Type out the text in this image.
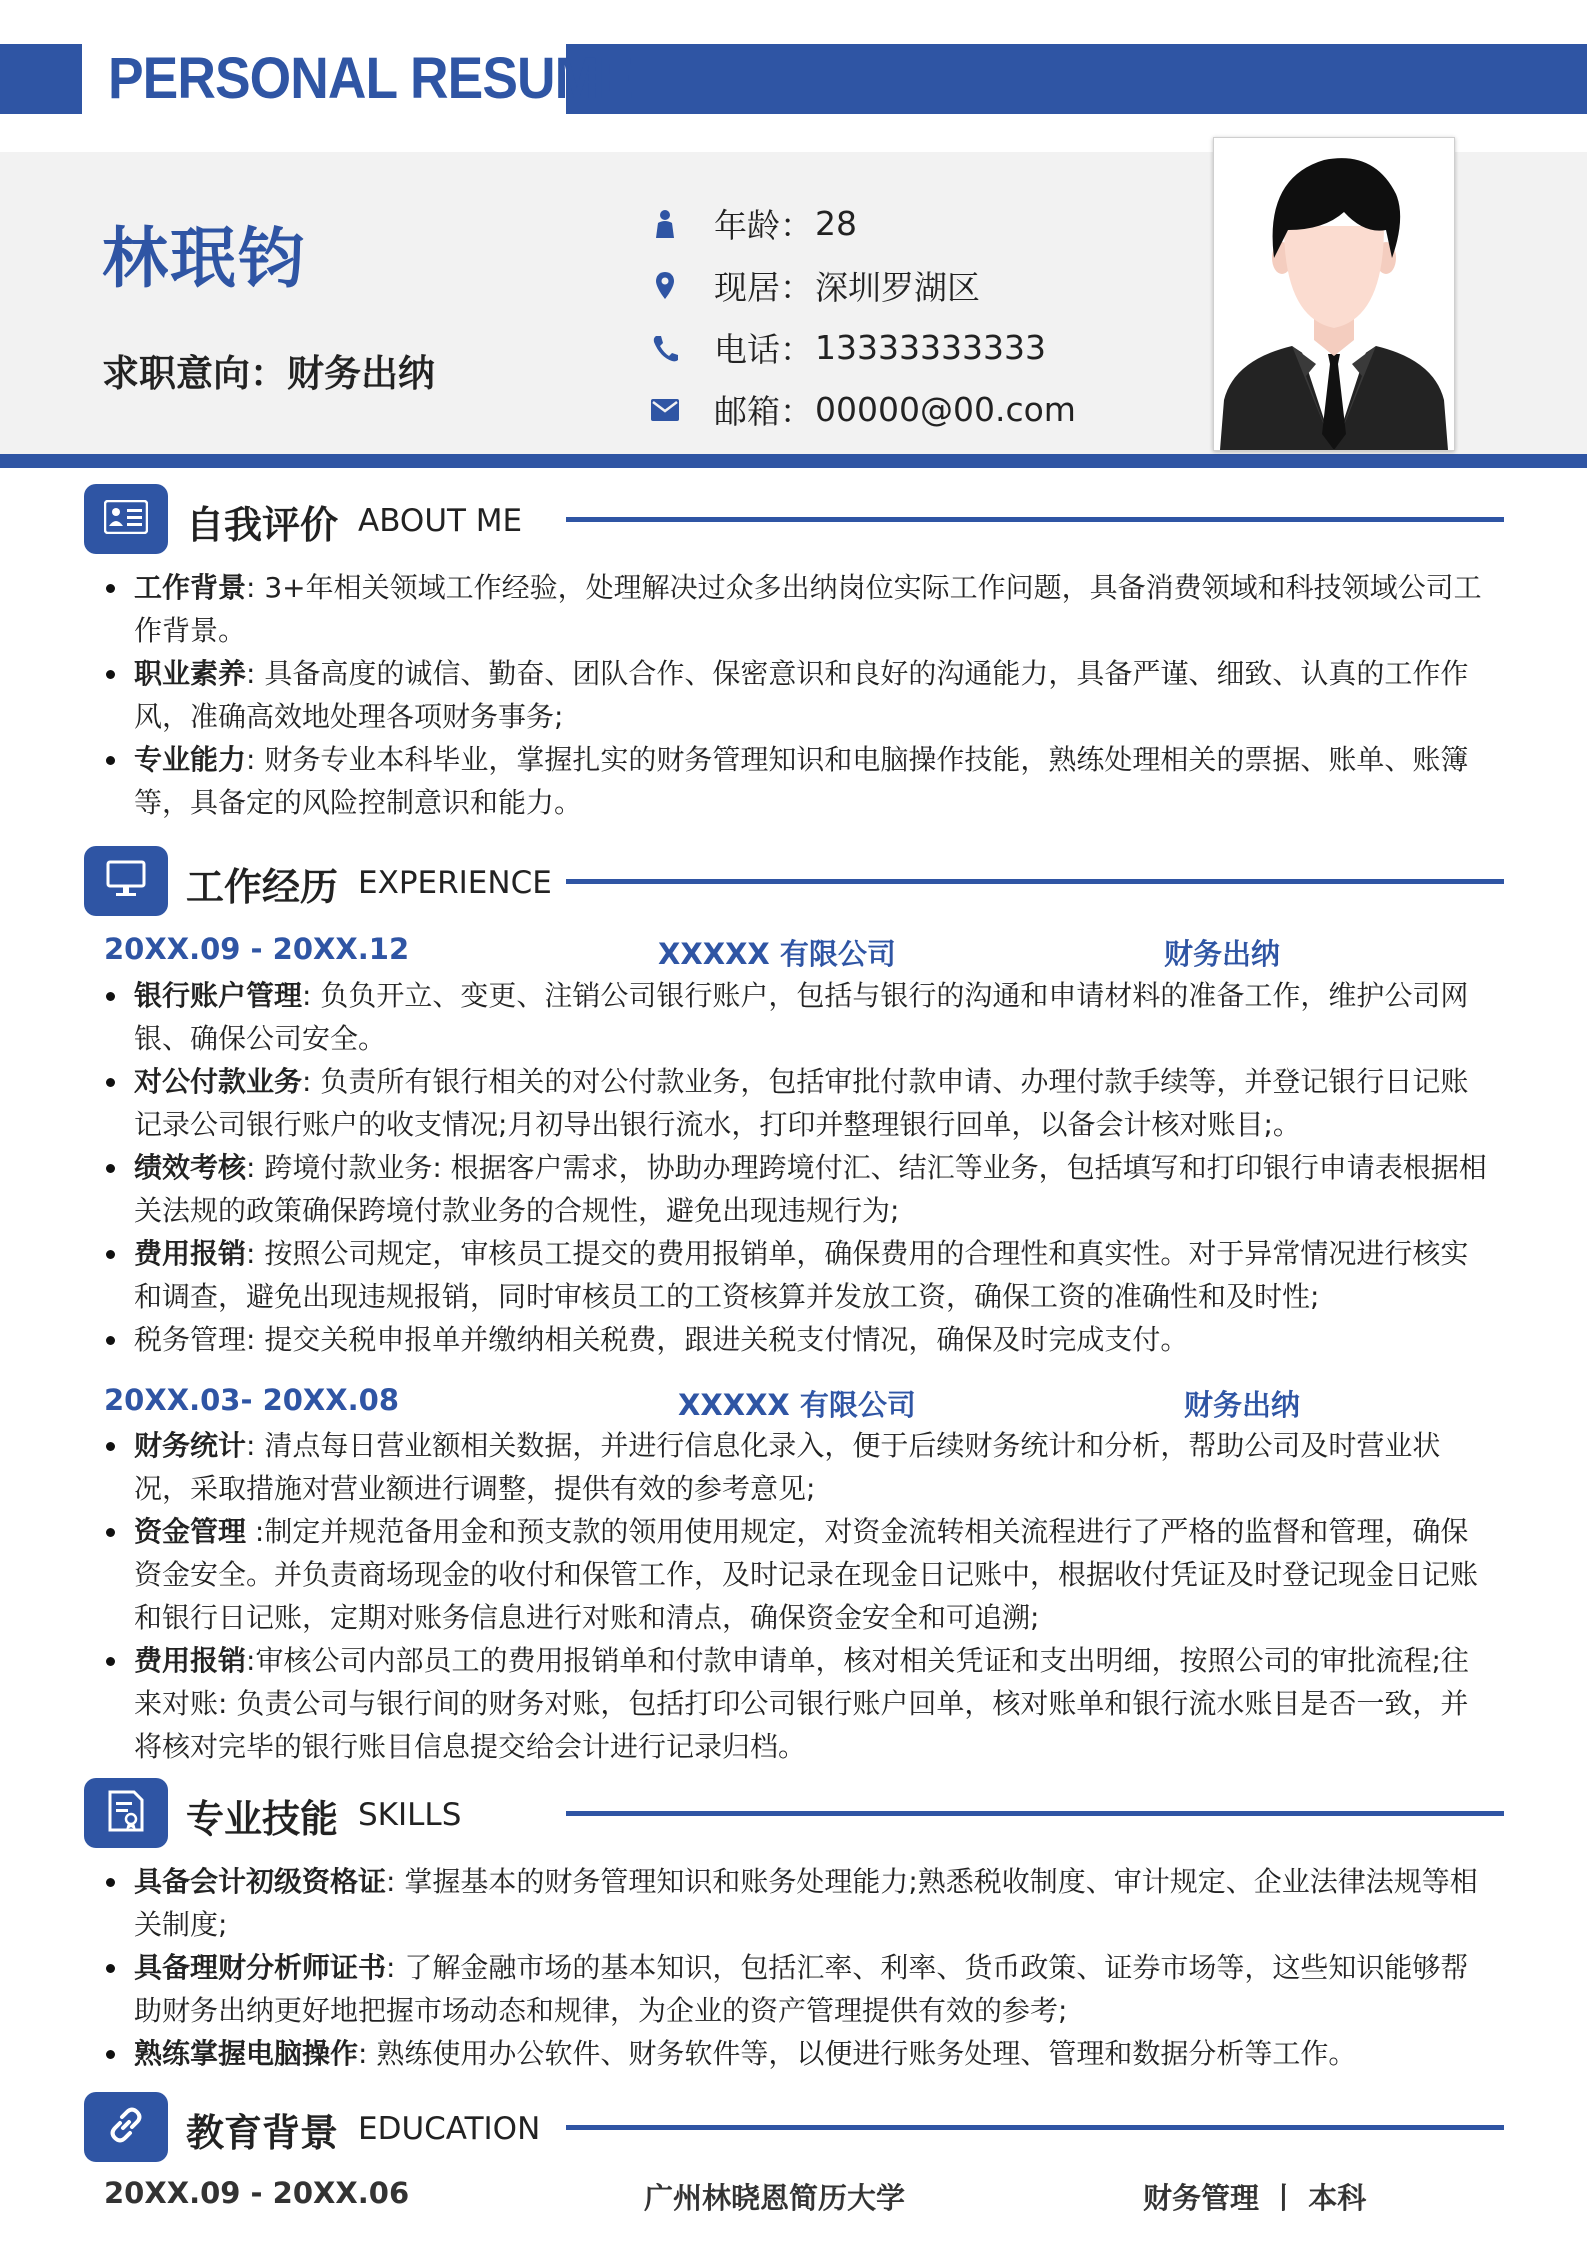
PERSONAL RESUME
林珉钧
求职意向：财务出纳
年龄： 28
现居： 深圳罗湖区
电话： 13333333333
邮箱： 00000@00.com
自我评价 ABOUT ME
工作背景: 3+年相关领域工作经验，处理解决过众多出纳岗位实际工作问题，具备消费领域和科技领域公司工作背景。
职业素养: 具备高度的诚信、勤奋、团队合作、保密意识和良好的沟通能力，具备严谨、细致、认真的工作作风，准确高效地处理各项财务事务;
专业能力: 财务专业本科毕业，掌握扎实的财务管理知识和电脑操作技能，熟练处理相关的票据、账单、账簿等，具备定的风险控制意识和能力。
工作经历 EXPERIENCE
20XX.09 - 20XX.12	XXXXX 有限公司	财务出纳
银行账户管理: 负负开立、变更、注销公司银行账户，包括与银行的沟通和申请材料的准备工作，维护公司网银、确保公司安全。
对公付款业务: 负责所有银行相关的对公付款业务，包括审批付款申请、办理付款手续等，并登记银行日记账记录公司银行账户的收支情况;月初导出银行流水，打印并整理银行回单，以备会计核对账目;。
绩效考核: 跨境付款业务: 根据客户需求，协助办理跨境付汇、结汇等业务，包括填写和打印银行申请表根据相关法规的政策确保跨境付款业务的合规性，避免出现违规行为;
费用报销: 按照公司规定，审核员工提交的费用报销单，确保费用的合理性和真实性。对于异常情况进行核实和调查，避免出现违规报销，同时审核员工的工资核算并发放工资，确保工资的准确性和及时性;
税务管理: 提交关税申报单并缴纳相关税费，跟进关税支付情况，确保及时完成支付。
20XX.03- 20XX.08	XXXXX 有限公司	财务出纳
财务统计: 清点每日营业额相关数据，并进行信息化录入，便于后续财务统计和分析，帮助公司及时营业状况，采取措施对营业额进行调整，提供有效的参考意见;
资金管理 :制定并规范备用金和预支款的领用使用规定，对资金流转相关流程进行了严格的监督和管理，确保资金安全。并负责商场现金的收付和保管工作，及时记录在现金日记账中，根据收付凭证及时登记现金日记账和银行日记账，定期对账务信息进行对账和清点，确保资金安全和可追溯;
费用报销:审核公司内部员工的费用报销单和付款申请单，核对相关凭证和支出明细，按照公司的审批流程;往来对账: 负责公司与银行间的财务对账，包括打印公司银行账户回单，核对账单和银行流水账目是否一致，并将核对完毕的银行账目信息提交给会计进行记录归档。
专业技能 SKILLS
具备会计初级资格证: 掌握基本的财务管理知识和账务处理能力;熟悉税收制度、审计规定、企业法律法规等相关制度;
具备理财分析师证书: 了解金融市场的基本知识，包括汇率、利率、货币政策、证券市场等，这些知识能够帮助财务出纳更好地把握市场动态和规律，为企业的资产管理提供有效的参考;
熟练掌握电脑操作: 熟练使用办公软件、财务软件等，以便进行账务处理、管理和数据分析等工作。
教育背景 EDUCATION
20XX.09 - 20XX.06	广州林晓恩简历大学	财务管理 丨 本科
